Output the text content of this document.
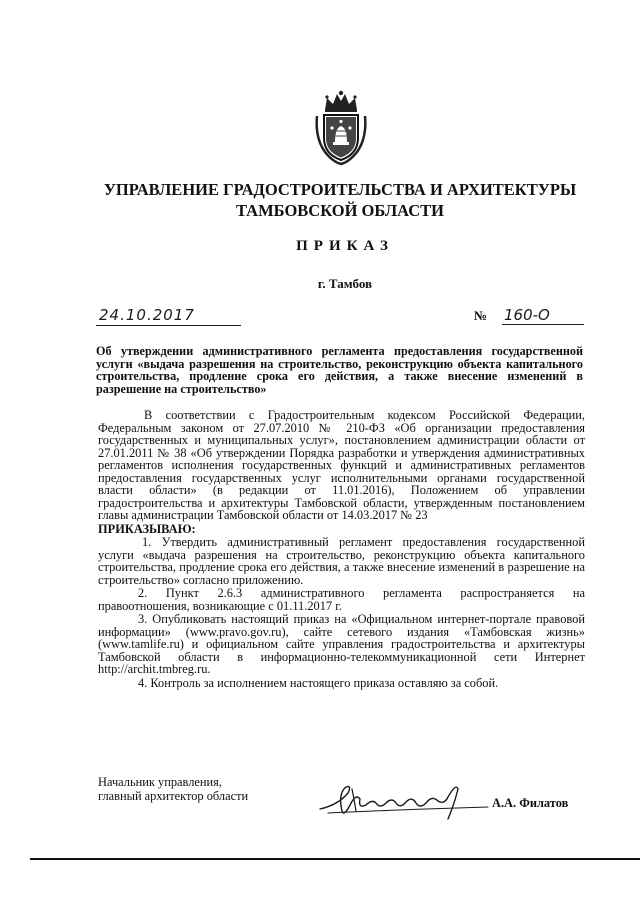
УПРАВЛЕНИЕ ГРАДОСТРОИТЕЛЬСТВА И АРХИТЕКТУРЫ
ТАМБОВСКОЙ ОБЛАСТИ
ПРИКАЗ
г. Тамбов
24.10.2017	№ 160-О

Об утверждении административного регламента предоставления государственной услуги «выдача разрешения на строительство, реконструкцию объекта капитального строительства, продление срока его действия, а также внесение изменений в разрешение на строительство»

В соответствии с Градостроительным кодексом Российской Федерации, Федеральным законом от 27.07.2010 № 210-ФЗ «Об организации предоставления государственных и муниципальных услуг», постановлением администрации области от 27.01.2011 № 38 «Об утверждении Порядка разработки и утверждения административных регламентов исполнения государственных функций и административных регламентов предоставления государственных услуг исполнительными органами государственной власти области» (в редакции от 11.01.2016), Положением об управлении градостроительства и архитектуры Тамбовской области, утвержденным постановлением главы администрации Тамбовской области от 14.03.2017 № 23

ПРИКАЗЫВАЮ:

1. Утвердить административный регламент предоставления государственной услуги «выдача разрешения на строительство, реконструкцию объекта капитального строительства, продление срока его действия, а также внесение изменений в разрешение на строительство» согласно приложению.

2. Пункт 2.6.3 административного регламента распространяется на правоотношения, возникающие с 01.11.2017 г.

3. Опубликовать настоящий приказ на «Официальном интернет-портале правовой информации» (www.pravo.gov.ru), сайте сетевого издания «Тамбовская жизнь» (www.tamlife.ru) и официальном сайте управления градостроительства и архитектуры Тамбовской области в информационно-телекоммуникационной сети Интернет http://archit.tmbreg.ru.

4. Контроль за исполнением настоящего приказа оставляю за собой.

Начальник управления,
главный архитектор области	А.А. Филатов
